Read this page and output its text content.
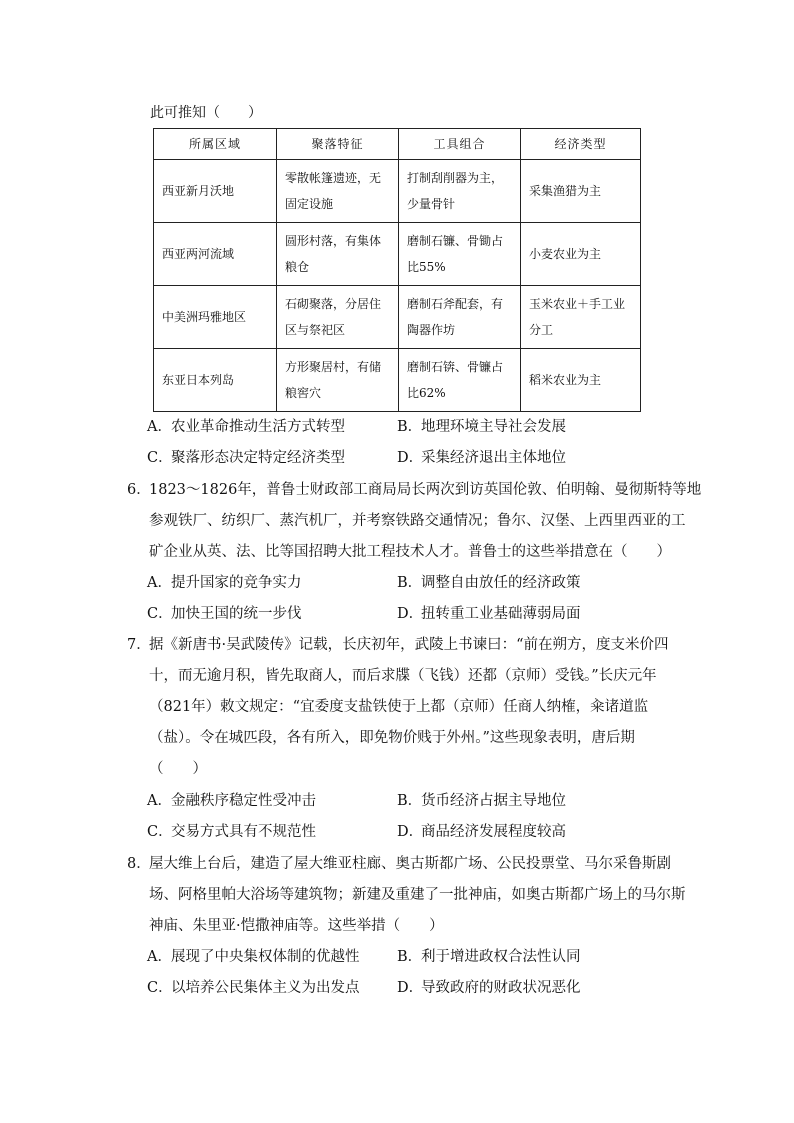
此可推知（　　）
所属区域	聚落特征	工具组合	经济类型
西亚新月沃地	零散帐篷遗迹，无固定设施	打制刮削器为主，少量骨针	采集渔猎为主
西亚两河流域	圆形村落，有集体粮仓	磨制石镰、骨锄占比55%	小麦农业为主
中美洲玛雅地区	石砌聚落，分居住区与祭祀区	磨制石斧配套，有陶器作坊	玉米农业＋手工业分工
东亚日本列岛	方形聚居村，有储粮窖穴	磨制石锛、骨镰占比62%	稻米农业为主
A．农业革命推动生活方式转型	B．地理环境主导社会发展
C．聚落形态决定特定经济类型	D．采集经济退出主体地位
6．1823～1826年，普鲁士财政部工商局局长两次到访英国伦敦、伯明翰、曼彻斯特等地
参观铁厂、纺织厂、蒸汽机厂，并考察铁路交通情况；鲁尔、汉堡、上西里西亚的工
矿企业从英、法、比等国招聘大批工程技术人才。普鲁士的这些举措意在（　　）
A．提升国家的竞争实力	B．调整自由放任的经济政策
C．加快王国的统一步伐	D．扭转重工业基础薄弱局面
7．据《新唐书·吴武陵传》记载，长庆初年，武陵上书谏曰：“前在朔方，度支米价四
十，而无逾月积，皆先取商人，而后求牒（飞钱）还都（京师）受钱。”长庆元年
（821年）敕文规定：“宜委度支盐铁使于上都（京师）任商人纳榷，籴诸道监
（盐）。令在城匹段，各有所入，即免物价贱于外州。”这些现象表明，唐后期
（　　）
A．金融秩序稳定性受冲击	B．货币经济占据主导地位
C．交易方式具有不规范性	D．商品经济发展程度较高
8．屋大维上台后，建造了屋大维亚柱廊、奥古斯都广场、公民投票堂、马尔采鲁斯剧
场、阿格里帕大浴场等建筑物；新建及重建了一批神庙，如奥古斯都广场上的马尔斯
神庙、朱里亚·恺撒神庙等。这些举措（　　）
A．展现了中央集权体制的优越性	B．利于增进政权合法性认同
C．以培养公民集体主义为出发点	D．导致政府的财政状况恶化
